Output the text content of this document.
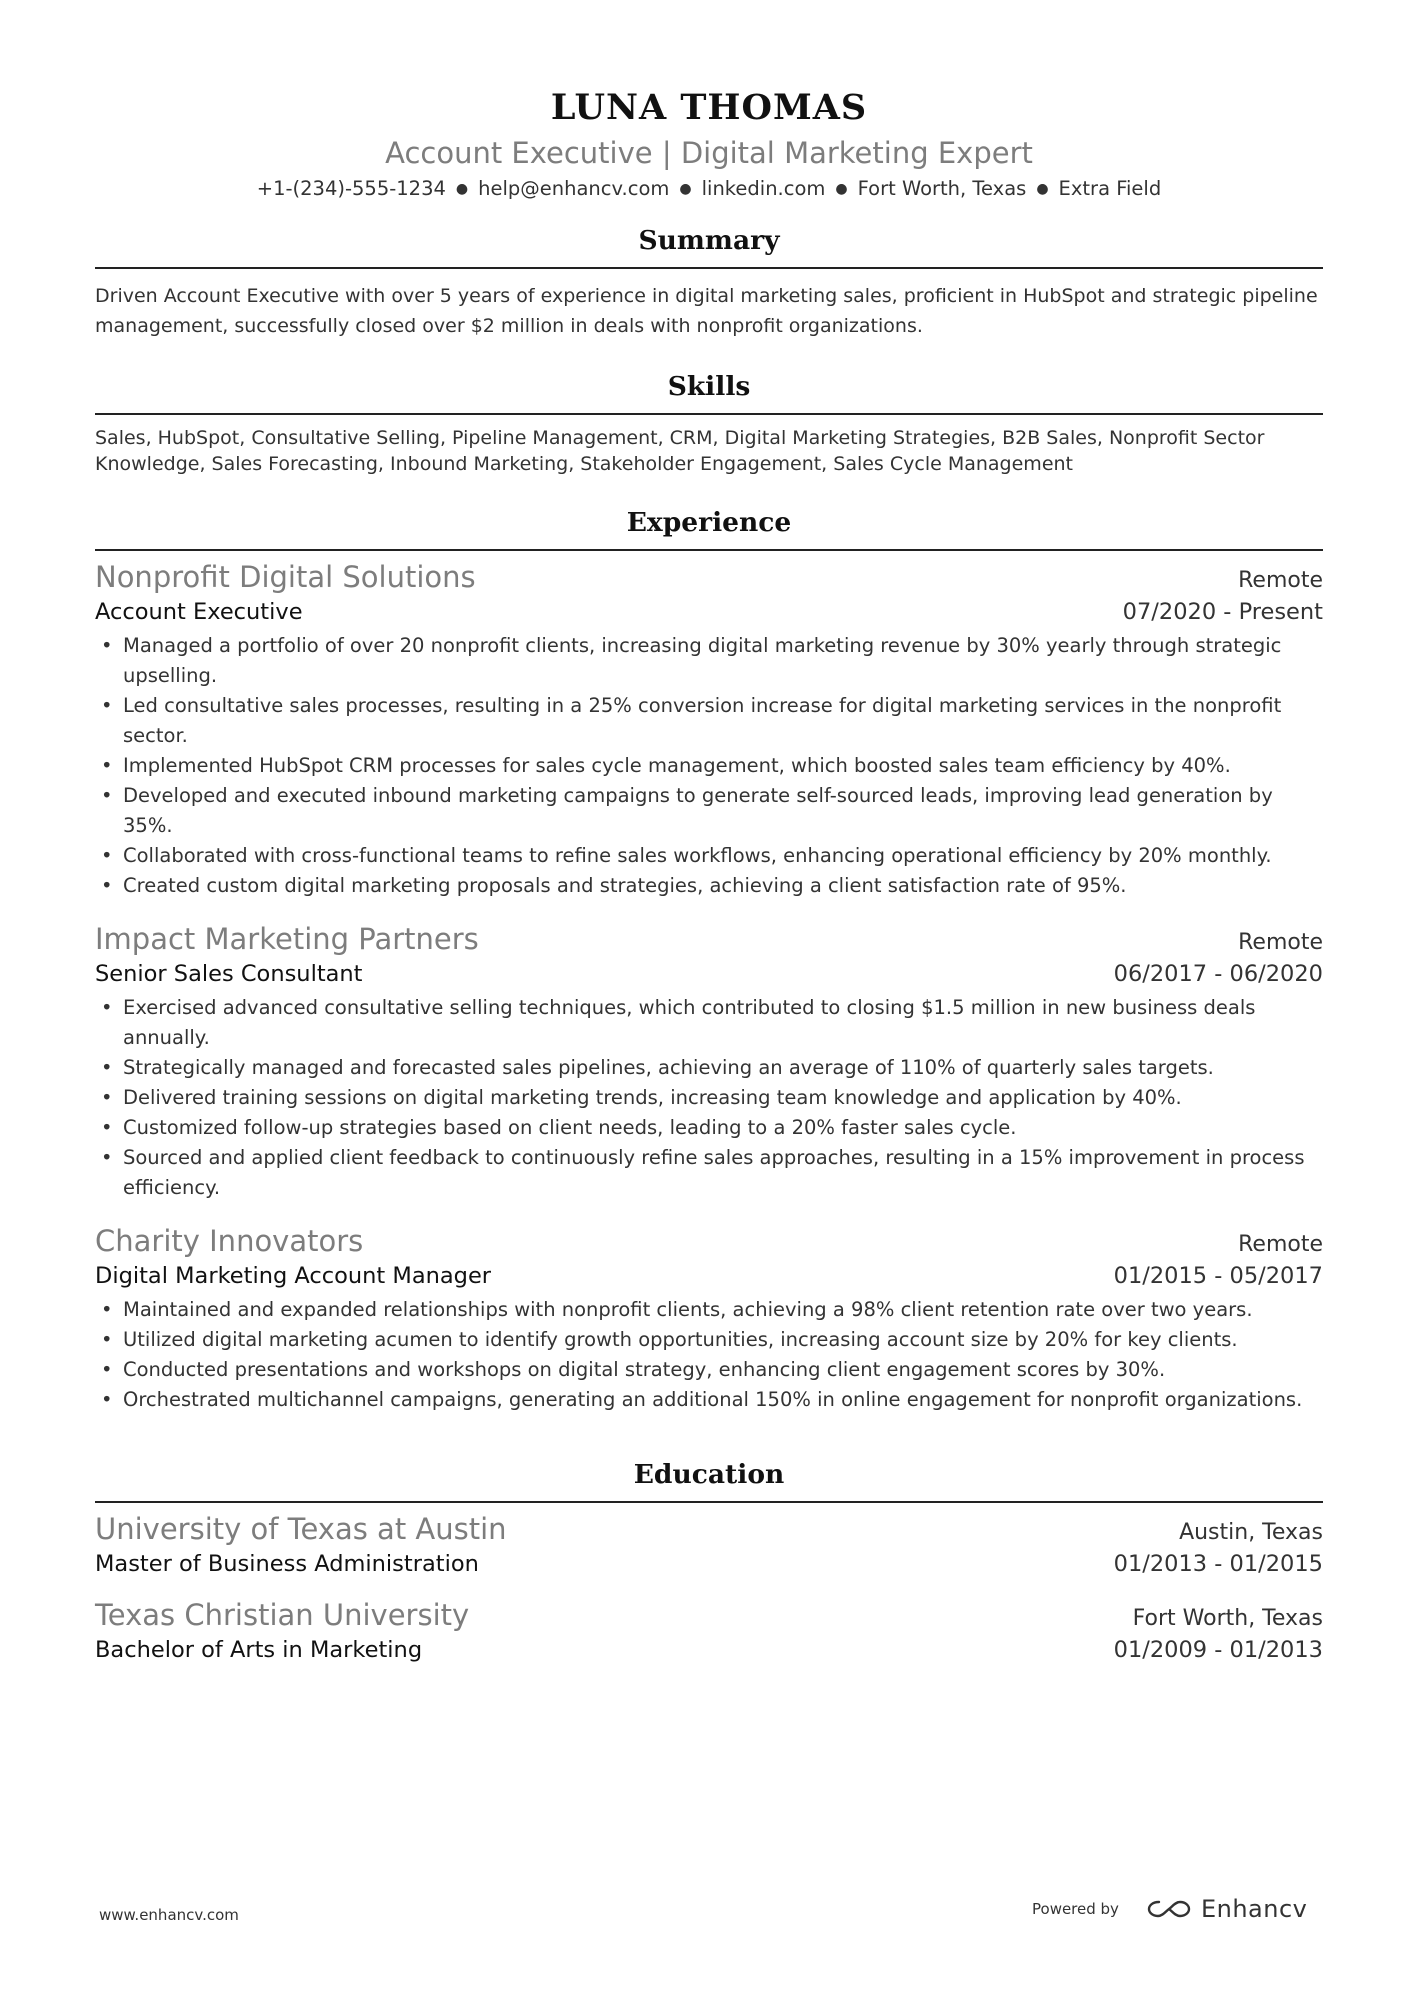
LUNA THOMAS
Account Executive | Digital Marketing Expert
+1-(234)-555-1234 ● help@enhancv.com ● linkedin.com ● Fort Worth, Texas ● Extra Field
Summary
Driven Account Executive with over 5 years of experience in digital marketing sales, proficient in HubSpot and strategic pipeline management, successfully closed over $2 million in deals with nonprofit organizations.
Skills
Sales, HubSpot, Consultative Selling, Pipeline Management, CRM, Digital Marketing Strategies, B2B Sales, Nonprofit Sector Knowledge, Sales Forecasting, Inbound Marketing, Stakeholder Engagement, Sales Cycle Management
Experience
Nonprofit Digital Solutions	Remote
Account Executive	07/2020 - Present
• Managed a portfolio of over 20 nonprofit clients, increasing digital marketing revenue by 30% yearly through strategic upselling.
• Led consultative sales processes, resulting in a 25% conversion increase for digital marketing services in the nonprofit sector.
• Implemented HubSpot CRM processes for sales cycle management, which boosted sales team efficiency by 40%.
• Developed and executed inbound marketing campaigns to generate self-sourced leads, improving lead generation by 35%.
• Collaborated with cross-functional teams to refine sales workflows, enhancing operational efficiency by 20% monthly.
• Created custom digital marketing proposals and strategies, achieving a client satisfaction rate of 95%.
Impact Marketing Partners	Remote
Senior Sales Consultant	06/2017 - 06/2020
• Exercised advanced consultative selling techniques, which contributed to closing $1.5 million in new business deals annually.
• Strategically managed and forecasted sales pipelines, achieving an average of 110% of quarterly sales targets.
• Delivered training sessions on digital marketing trends, increasing team knowledge and application by 40%.
• Customized follow-up strategies based on client needs, leading to a 20% faster sales cycle.
• Sourced and applied client feedback to continuously refine sales approaches, resulting in a 15% improvement in process efficiency.
Charity Innovators	Remote
Digital Marketing Account Manager	01/2015 - 05/2017
• Maintained and expanded relationships with nonprofit clients, achieving a 98% client retention rate over two years.
• Utilized digital marketing acumen to identify growth opportunities, increasing account size by 20% for key clients.
• Conducted presentations and workshops on digital strategy, enhancing client engagement scores by 30%.
• Orchestrated multichannel campaigns, generating an additional 150% in online engagement for nonprofit organizations.
Education
University of Texas at Austin	Austin, Texas
Master of Business Administration	01/2013 - 01/2015
Texas Christian University	Fort Worth, Texas
Bachelor of Arts in Marketing	01/2009 - 01/2013
www.enhancv.com	Powered by	Enhancv
